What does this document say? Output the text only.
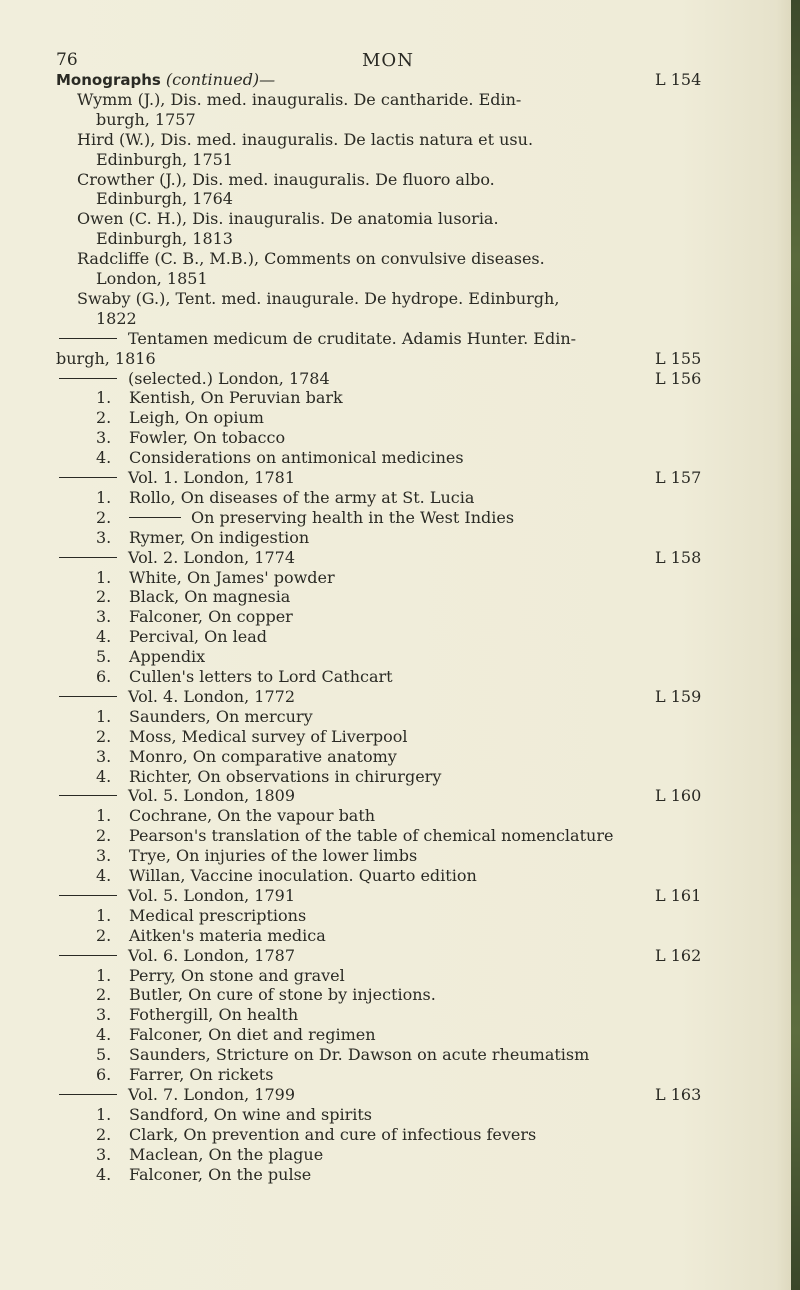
76	MON
Monographs (continued)—	L 154
Wymm (J.), Dis. med. inauguralis. De cantharide. Edin-
burgh, 1757
Hird (W.), Dis. med. inauguralis. De lactis natura et usu.
Edinburgh, 1751
Crowther (J.), Dis. med. inauguralis. De fluoro albo.
Edinburgh, 1764
Owen (C. H.), Dis. inauguralis. De anatomia lusoria.
Edinburgh, 1813
Radcliffe (C. B., M.B.), Comments on convulsive diseases.
London, 1851
Swaby (G.), Tent. med. inaugurale. De hydrope. Edinburgh,
1822
Tentamen medicum de cruditate. Adamis Hunter. Edin-
burgh, 1816	L 155
(selected.) London, 1784	L 156
1. Kentish, On Peruvian bark
2. Leigh, On opium
3. Fowler, On tobacco
4. Considerations on antimonical medicines
Vol. 1. London, 1781	L 157
1. Rollo, On diseases of the army at St. Lucia
2.	On preserving health in the West Indies
3. Rymer, On indigestion
Vol. 2. London, 1774	L 158
1. White, On James' powder
2. Black, On magnesia
3. Falconer, On copper
4. Percival, On lead
5. Appendix
6. Cullen's letters to Lord Cathcart
Vol. 4. London, 1772	L 159
1. Saunders, On mercury
2. Moss, Medical survey of Liverpool
3. Monro, On comparative anatomy
4. Richter, On observations in chirurgery
Vol. 5. London, 1809	L 160
1. Cochrane, On the vapour bath
2. Pearson's translation of the table of chemical nomenclature
3. Trye, On injuries of the lower limbs
4. Willan, Vaccine inoculation. Quarto edition
Vol. 5. London, 1791	L 161
1. Medical prescriptions
2. Aitken's materia medica
Vol. 6. London, 1787	L 162
1. Perry, On stone and gravel
2. Butler, On cure of stone by injections.
3. Fothergill, On health
4. Falconer, On diet and regimen
5. Saunders, Stricture on Dr. Dawson on acute rheumatism
6. Farrer, On rickets
Vol. 7. London, 1799	L 163
1. Sandford, On wine and spirits
2. Clark, On prevention and cure of infectious fevers
3. Maclean, On the plague
4. Falconer, On the pulse
